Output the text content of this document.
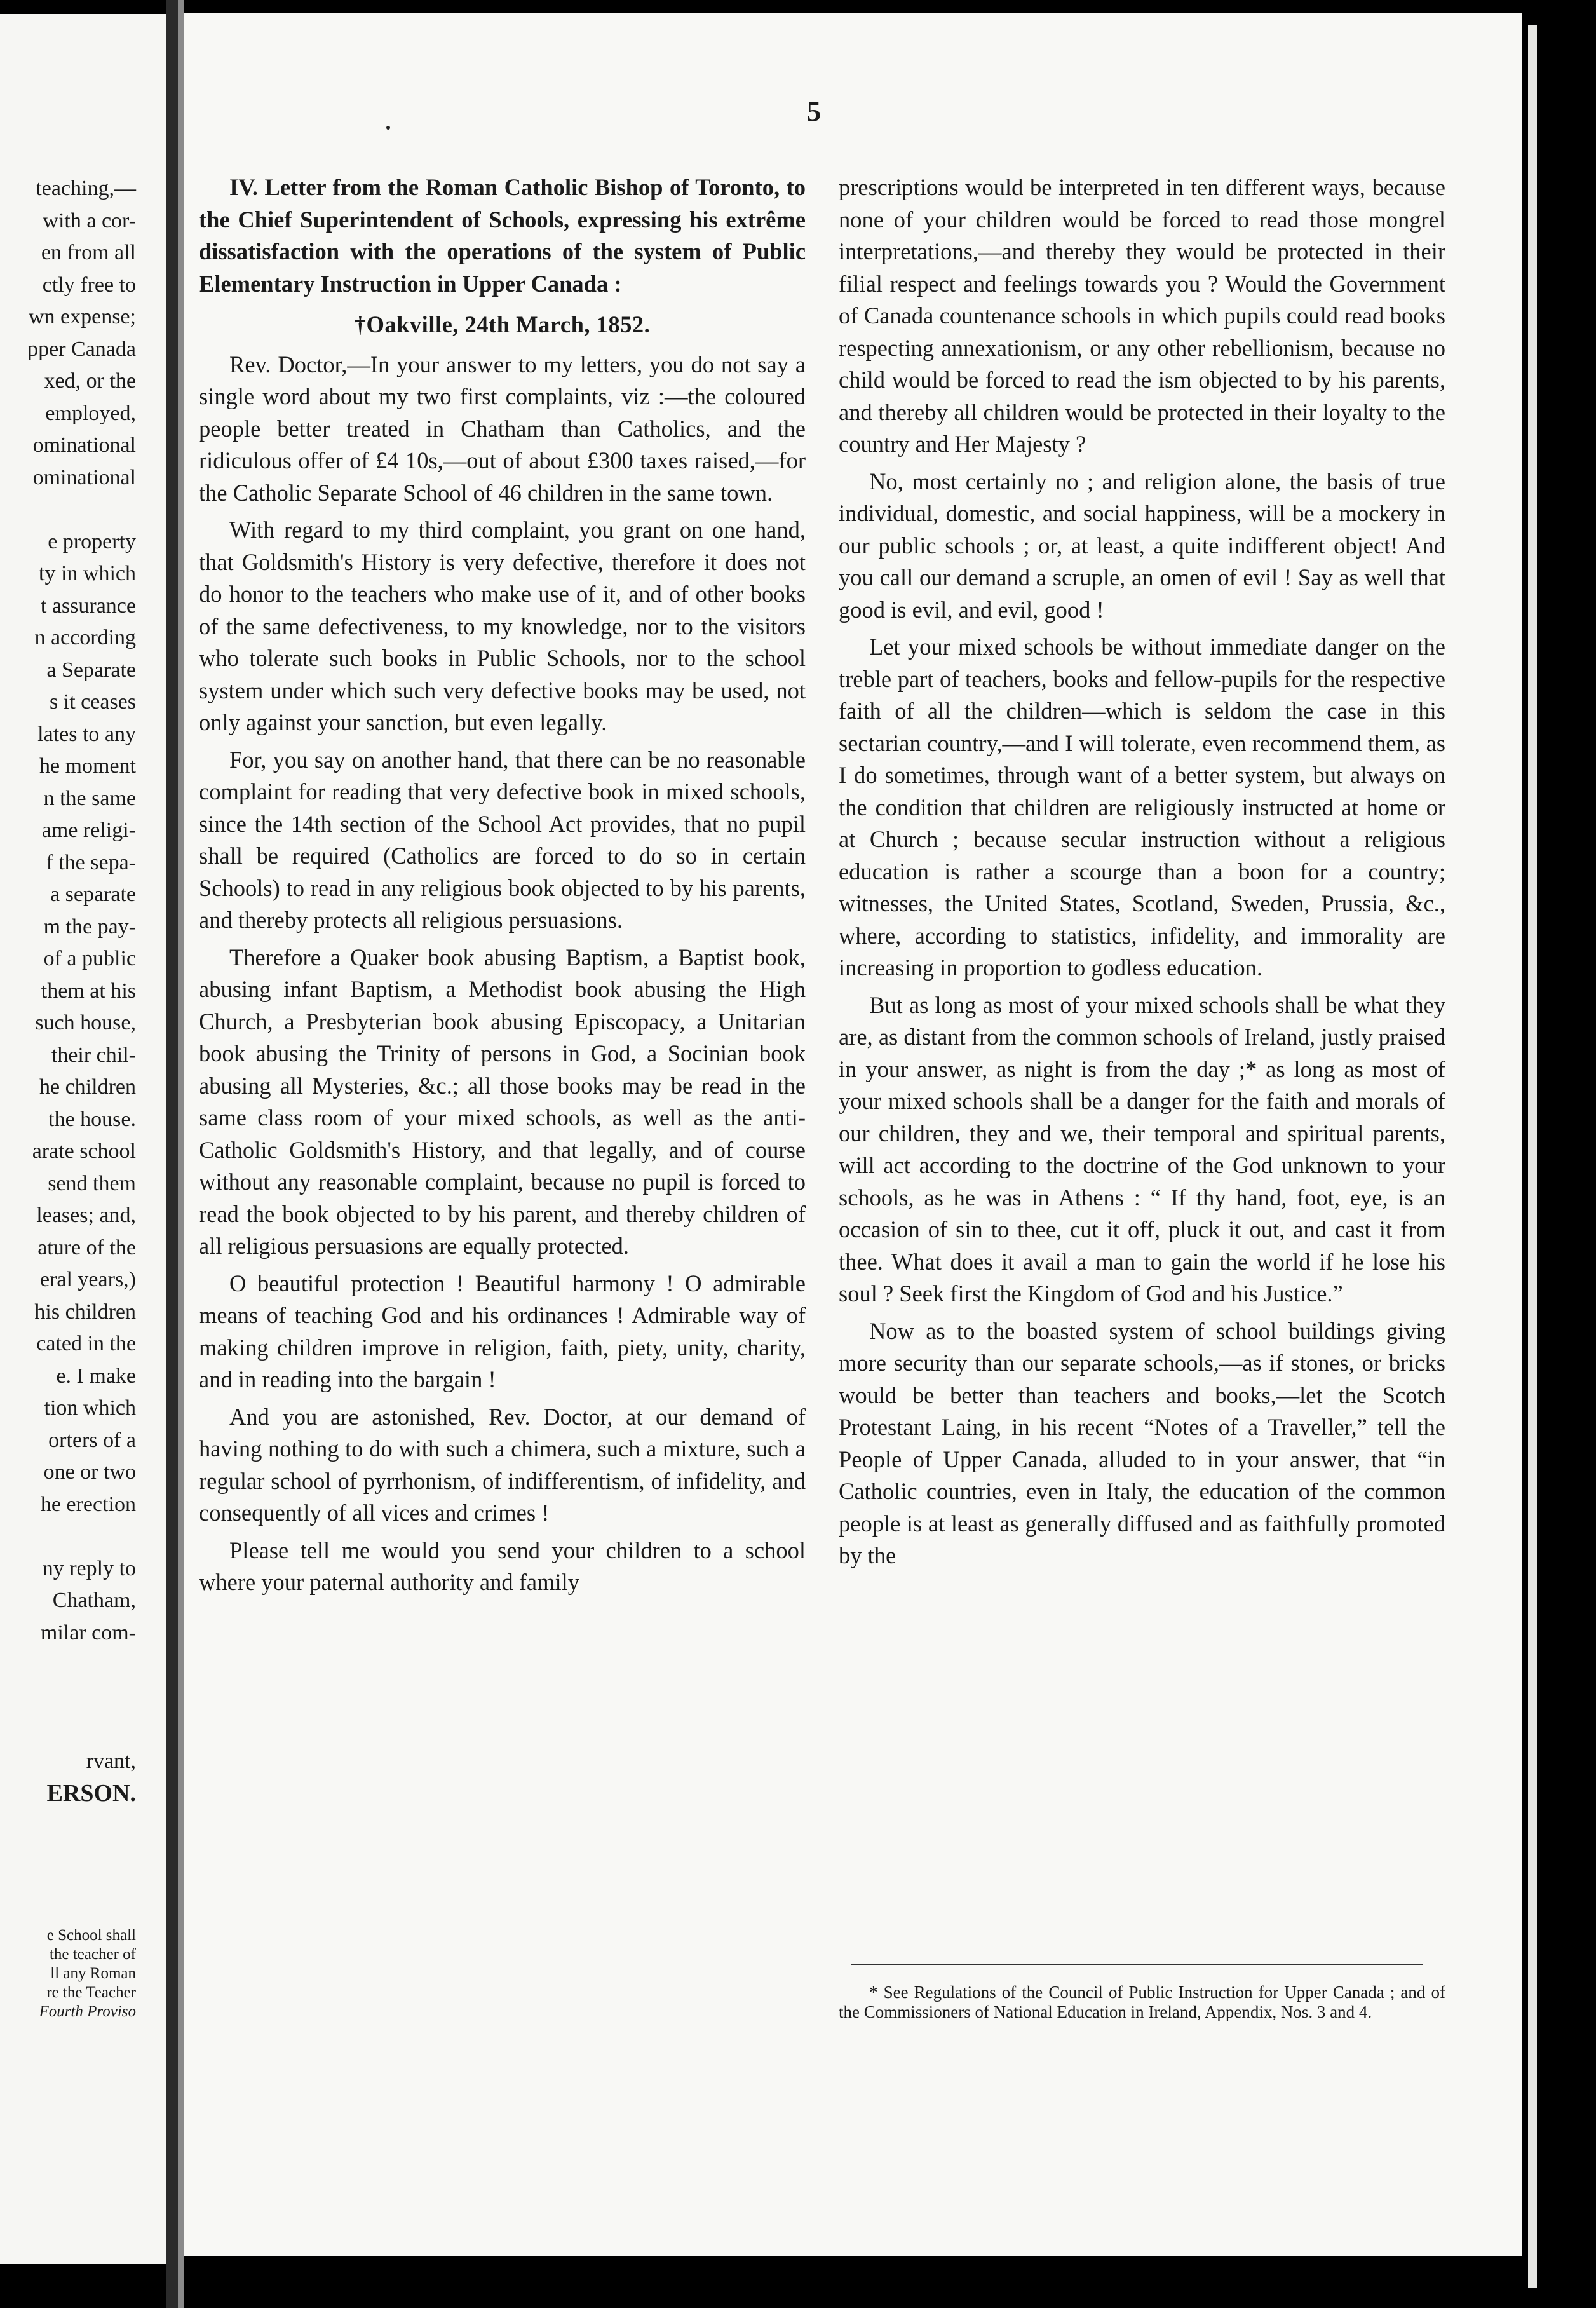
teaching,—
with a cor-
en from all
ctly free to
wn expense;
pper Canada
xed, or the
employed,
ominational
ominational
e property
ty in which
t assurance
n according
a Separate
s it ceases
lates to any
he moment
n the same
ame religi-
f the sepa-
a separate
m the pay-
of a public
them at his
such house,
their chil-
he children
the house.
arate school
send them
leases; and,
ature of the
eral years,)
his children
cated in the
e. I make
tion which
orters of a
one or two
he erection
ny reply to
Chatham,
milar com-
rvant,
ERSON.
e School shall
the teacher of
ll any Roman
re the Teacher
Fourth Proviso
5

IV. Letter from the Roman Catholic Bishop of Toronto, to the Chief Superintendent of Schools, expressing his extrême dissatisfaction with the operations of the system of Public Elementary Instruction in Upper Canada :

†Oakville, 24th March, 1852.

Rev. Doctor,—In your answer to my letters, you do not say a single word about my two first complaints, viz :—the coloured people better treated in Chatham than Catholics, and the ridiculous offer of £4 10s,—out of about £300 taxes raised,—for the Catholic Separate School of 46 children in the same town.

With regard to my third complaint, you grant on one hand, that Goldsmith's History is very defective, therefore it does not do honor to the teachers who make use of it, and of other books of the same defectiveness, to my knowledge, nor to the visitors who tolerate such books in Public Schools, nor to the school system under which such very defective books may be used, not only against your sanction, but even legally.

For, you say on another hand, that there can be no reasonable complaint for reading that very defective book in mixed schools, since the 14th section of the School Act provides, that no pupil shall be required (Catholics are forced to do so in certain Schools) to read in any religious book objected to by his parents, and thereby protects all religious persuasions.

Therefore a Quaker book abusing Baptism, a Baptist book, abusing infant Baptism, a Methodist book abusing the High Church, a Presbyterian book abusing Episcopacy, a Unitarian book abusing the Trinity of persons in God, a Socinian book abusing all Mysteries, &c.; all those books may be read in the same class room of your mixed schools, as well as the anti-Catholic Goldsmith's History, and that legally, and of course without any reasonable complaint, because no pupil is forced to read the book objected to by his parent, and thereby children of all religious persuasions are equally protected.

O beautiful protection ! Beautiful harmony ! O admirable means of teaching God and his ordinances ! Admirable way of making children improve in religion, faith, piety, unity, charity, and in reading into the bargain !

And you are astonished, Rev. Doctor, at our demand of having nothing to do with such a chimera, such a mixture, such a regular school of pyrrhonism, of indifferentism, of infidelity, and consequently of all vices and crimes !

Please tell me would you send your children to a school where your paternal authority and family

prescriptions would be interpreted in ten different ways, because none of your children would be forced to read those mongrel interpretations,—and thereby they would be protected in their filial respect and feelings towards you ? Would the Government of Canada countenance schools in which pupils could read books respecting annexationism, or any other rebellionism, because no child would be forced to read the ism objected to by his parents, and thereby all children would be protected in their loyalty to the country and Her Majesty ?

No, most certainly no ; and religion alone, the basis of true individual, domestic, and social happiness, will be a mockery in our public schools ; or, at least, a quite indifferent object! And you call our demand a scruple, an omen of evil ! Say as well that good is evil, and evil, good !

Let your mixed schools be without immediate danger on the treble part of teachers, books and fellow-pupils for the respective faith of all the children—which is seldom the case in this sectarian country,—and I will tolerate, even recommend them, as I do sometimes, through want of a better system, but always on the condition that children are religiously instructed at home or at Church ; because secular instruction without a religious education is rather a scourge than a boon for a country; witnesses, the United States, Scotland, Sweden, Prussia, &c., where, according to statistics, infidelity, and immorality are increasing in proportion to godless education.

But as long as most of your mixed schools shall be what they are, as distant from the common schools of Ireland, justly praised in your answer, as night is from the day ;* as long as most of your mixed schools shall be a danger for the faith and morals of our children, they and we, their temporal and spiritual parents, will act according to the doctrine of the God unknown to your schools, as he was in Athens : “ If thy hand, foot, eye, is an occasion of sin to thee, cut it off, pluck it out, and cast it from thee. What does it avail a man to gain the world if he lose his soul ? Seek first the Kingdom of God and his Justice.”

Now as to the boasted system of school buildings giving more security than our separate schools,—as if stones, or bricks would be better than teachers and books,—let the Scotch Protestant Laing, in his recent “Notes of a Traveller,” tell the People of Upper Canada, alluded to in your answer, that “in Catholic countries, even in Italy, the education of the common people is at least as generally diffused and as faithfully promoted by the

* See Regulations of the Council of Public Instruction for Upper Canada ; and of the Commissioners of National Education in Ireland, Appendix, Nos. 3 and 4.
